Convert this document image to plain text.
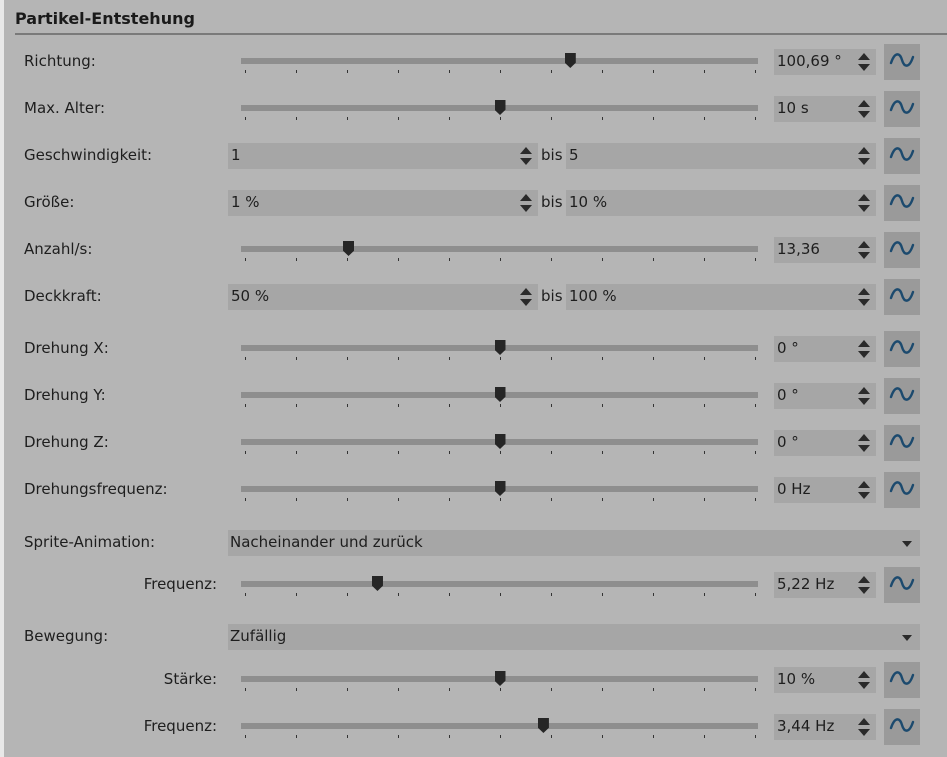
Partikel-Entstehung
Richtung:	100,69 °
Max. Alter:	10 s
Geschwindigkeit:	1	bis 5
Größe:	1 %	bis 10 %
Anzahl/s:	13,36
Deckkraft:	50 %	bis 100 %
Drehung X:	0 °
Drehung Y:	0 °
Drehung Z:	0 °
Drehungsfrequenz:	0 Hz
Sprite-Animation:	Nacheinander und zurück
Frequenz:	5,22 Hz
Bewegung:	Zufällig
Stärke:	10 %
Frequenz:	3,44 Hz
